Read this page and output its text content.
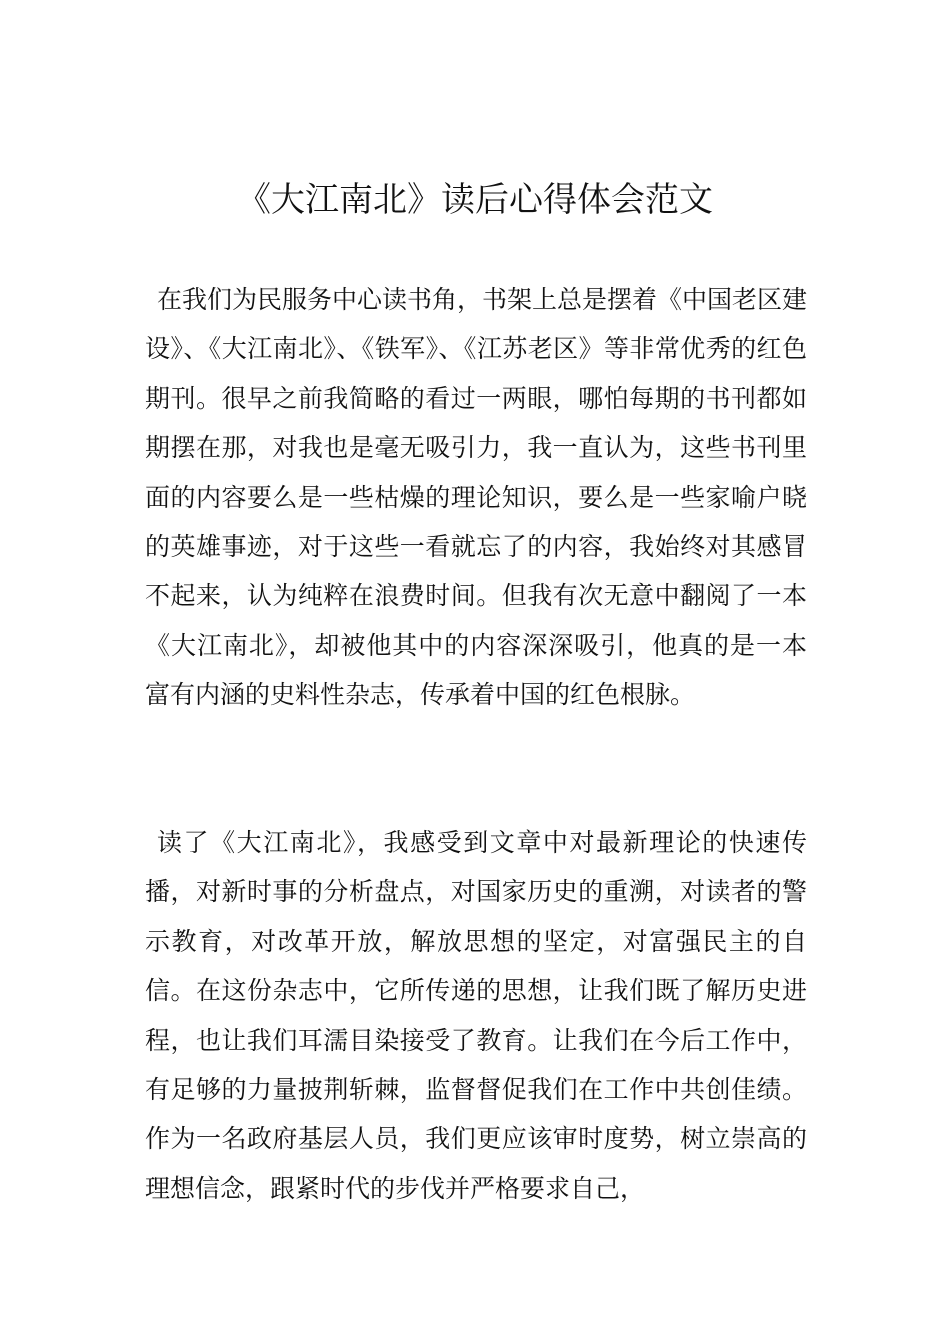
《大江南北》读后心得体会范文

在我们为民服务中心读书角，书架上总是摆着《中国老区建设》、《大江南北》、《铁军》、《江苏老区》等非常优秀的红色期刊。很早之前我简略的看过一两眼，哪怕每期的书刊都如期摆在那，对我也是毫无吸引力，我一直认为，这些书刊里面的内容要么是一些枯燥的理论知识，要么是一些家喻户晓的英雄事迹，对于这些一看就忘了的内容，我始终对其感冒不起来，认为纯粹在浪费时间。但我有次无意中翻阅了一本《大江南北》，却被他其中的内容深深吸引，他真的是一本富有内涵的史料性杂志，传承着中国的红色根脉。

读了《大江南北》，我感受到文章中对最新理论的快速传播，对新时事的分析盘点，对国家历史的重溯，对读者的警示教育，对改革开放，解放思想的坚定，对富强民主的自信。在这份杂志中，它所传递的思想，让我们既了解历史进程，也让我们耳濡目染接受了教育。让我们在今后工作中，有足够的力量披荆斩棘，监督督促我们在工作中共创佳绩。作为一名政府基层人员，我们更应该审时度势，树立崇高的理想信念，跟紧时代的步伐并严格要求自己，
